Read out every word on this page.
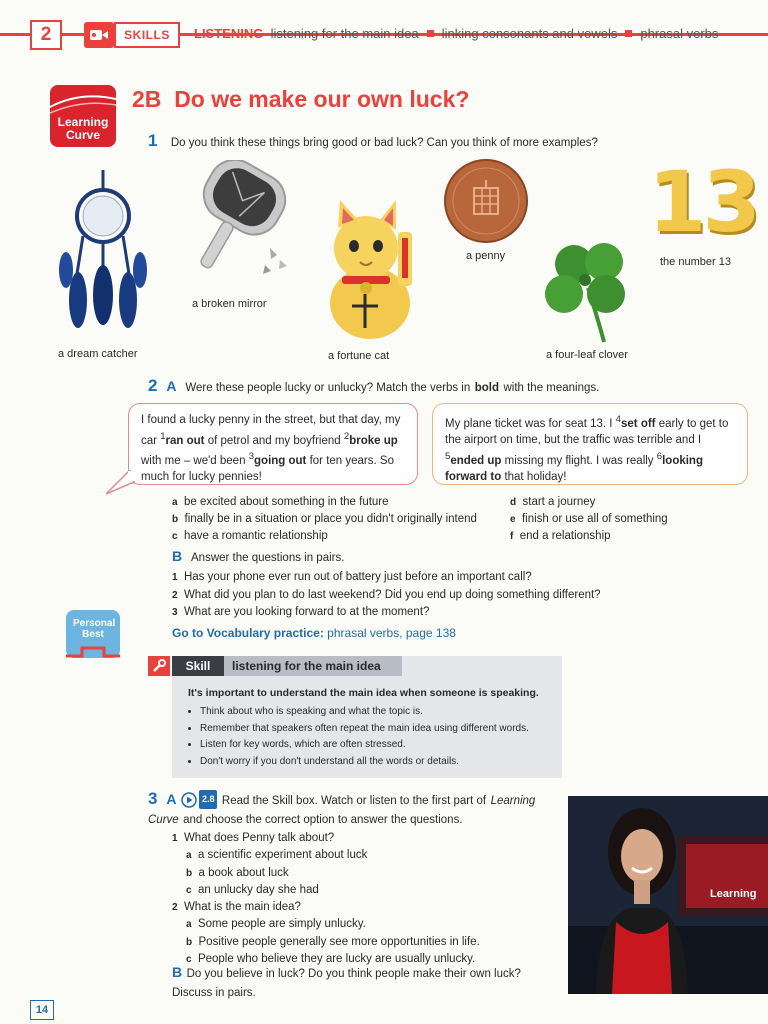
2	SKILLS	LISTENING listening for the main idea linking consonants and vowels phrasal verbs
Learning Curve
2B Do we make our own luck?
1 Do you think these things bring good or bad luck? Can you think of more examples?
a dream catcher
a broken mirror
a fortune cat
a penny
13
the number 13
a four-leaf clover
2 A Were these people lucky or unlucky? Match the verbs in bold with the meanings.
I found a lucky penny in the street, but that day, my car $^1$ran out of petrol and my boyfriend $^2$broke up with me – we'd been $^3$going out for ten years. So much for lucky pennies!
My plane ticket was for seat 13. I $^4$set off early to get to the airport on time, but the traffic was terrible and I $^5$ended up missing my flight. I was really $^6$looking forward to that holiday!
a be excited about something in the future
b finally be in a situation or place you didn't originally intend
c have a romantic relationship
d start a journey
e finish or use all of something
f end a relationship
B Answer the questions in pairs.
1 Has your phone ever run out of battery just before an important call?
2 What did you plan to do last weekend? Did you end up doing something different?
3 What are you looking forward to at the moment?
Personal Best	Go to Vocabulary practice: phrasal verbs, page 138
Skill	listening for the main idea
It's important to understand the main idea when someone is speaking.
• Think about who is speaking and what the topic is.
• Remember that speakers often repeat the main idea using different words.
• Listen for key words, which are often stressed.
• Don't worry if you don't understand all the words or details.
3 A	2.8 Read the Skill box. Watch or listen to the first part of Learning Curve and choose the correct option to answer the questions.
1 What does Penny talk about?
a a scientific experiment about luck
b a book about luck
c an unlucky day she had
2 What is the main idea?
a Some people are simply unlucky.
b Positive people generally see more opportunities in life.
c People who believe they are lucky are usually unlucky.
B Do you believe in luck? Do you think people make their own luck? Discuss in pairs.
Learning
14
